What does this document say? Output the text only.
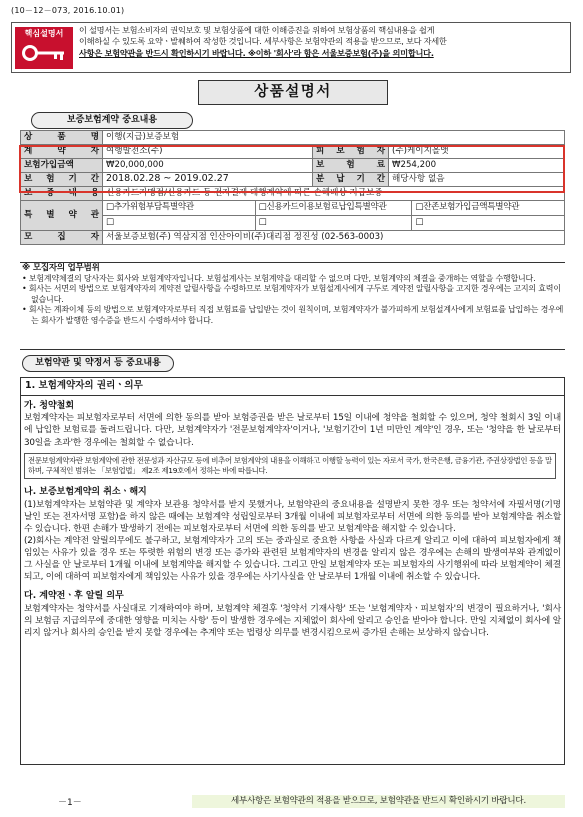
(10－12－073, 2016.10.01)
핵심설명서	이 설명서는 보험소비자의 권익보호 및 보험상품에 대한 이해증진을 위하여 보험상품의 핵심내용을 쉽게
이해하실 수 있도록 요약ㆍ발췌하여 작성한 것입니다. 세부사항은 보험약관의 적용을 받으므로, 보다 자세한
사항은 보험약관을 반드시 확인하시기 바랍니다. ※이하 '회사'라 함은 서울보증보험(주)을 의미합니다.
상품설명서
보증보험계약 중요내용
상 품 명	이행(지급)보증보험
계 약 자	여행발전소(주)	피 보 험 자	(주)케이지올앳
보험가입금액	₩20,000,000	보 험 료	₩254,200
보 험 기 간	2018.02.28 ~ 2019.02.27	분 납 기 간	해당사항 없음
보 증 내 용	신용카드가맹점/신용카드 등 전자결제 대행계약에 따른 손해배상 지급보증
특 별 약 관	
□추가위험부담특별약관	□신용카드이용보험료납입특별약관	□잔존보험가입금액특별약관

□	□	□

모 집 자	서울보증보험(주) 역삼지점 인산아이비(주)대리점 정진성 (02-563-0003)
※ 모집자의 업무범위
• 보험계약체결의 당사자는 회사와 보험계약자입니다. 보험설계사는 보험계약을 대리할 수 없으며 다만, 보험계약의 체결을 중개하는 역할을 수행합니다.
• 회사는 서면의 방법으로 보험계약자의 계약전 알릴사항을 수령하므로 보험계약자가 보험설계사에게 구두로 계약전 알릴사항을 고지한 경우에는 고지의 효력이 없습니다.
• 회사는 계좌이체 등의 방법으로 보험계약자로부터 직접 보험료를 납입받는 것이 원칙이며, 보험계약자가 불가피하게 보험설계사에게 보험료를 납입하는 경우에는 회사가 발행한 영수증을 반드시 수령하셔야 합니다.
보험약관 및 약정서 등 중요내용
1. 보험계약자의 권리ㆍ의무
가. 청약철회
보험계약자는 피보험자로부터 서면에 의한 동의를 받아 보험증권을 받은 날로부터 15일 이내에 청약을 철회할 수 있으며, 청약 철회시 3일 이내에 납입한 보험료를 돌려드립니다. 다만, 보험계약자가 '전문보험계약자'이거나, '보험기간이 1년 미만인 계약'인 경우, 또는 '청약을 한 날로부터 30일을 초과'한 경우에는 철회할 수 없습니다.
전문보험계약자란 보험계약에 관한 전문성과 자산규모 등에 비추어 보험계약의 내용을 이해하고 이행할 능력이 있는 자로서 국가, 한국은행, 금융기관, 주권상장법인 등을 말하며, 구체적인 범위는 「보험업법」 제2조 제19호에서 정하는 바에 따릅니다.
나. 보증보험계약의 취소ㆍ해지
(1)보험계약자는 보험약관 및 계약자 보관용 청약서를 받지 못했거나, 보험약관의 중요내용을 설명받지 못한 경우 또는 청약서에 자필서명(기명날인 또는 전자서명 포함)을 하지 않은 때에는 보험계약 성립일로부터 3개월 이내에 피보험자로부터 서면에 의한 동의를 받아 보험계약을 취소할 수 있습니다. 한편 손해가 발생하기 전에는 피보험자로부터 서면에 의한 동의를 받고 보험계약을 해지할 수 있습니다.
(2)회사는 계약전 알릴의무에도 불구하고, 보험계약자가 고의 또는 중과실로 중요한 사항을 사실과 다르게 알리고 이에 대하여 피보험자에게 책임있는 사유가 있을 경우 또는 뚜렷한 위험의 변경 또는 증가와 관련된 보험계약자의 변경을 알리지 않은 경우에는 손해의 발생여부와 관계없이 그 사실을 안 날로부터 1개월 이내에 보험계약을 해지할 수 있습니다. 그리고 만일 보험계약자 또는 피보험자의 사기행위에 따라 보험계약이 체결되고, 이에 대하여 피보험자에게 책임있는 사유가 있을 경우에는 사기사실을 안 날로부터 1개월 이내에 취소할 수 있습니다.
다. 계약전ㆍ후 알릴 의무
보험계약자는 청약서를 사실대로 기재하여야 하며, 보험계약 체결후 '청약서 기재사항' 또는 '보험계약자ㆍ피보험자'의 변경이 필요하거나, '회사의 보험금 지급의무에 중대한 영향을 미치는 사항' 등이 발생한 경우에는 지체없이 회사에 알리고 승인을 받아야 합니다. 만일 지체없이 회사에 알리지 않거나 회사의 승인을 받지 못할 경우에는 추계약 또는 법령상 의무를 변경시킴으로써 증가된 손해는 보상하지 않습니다.
－1－	세부사항은 보험약관의 적용을 받으므로, 보험약관을 반드시 확인하시기 바랍니다.
